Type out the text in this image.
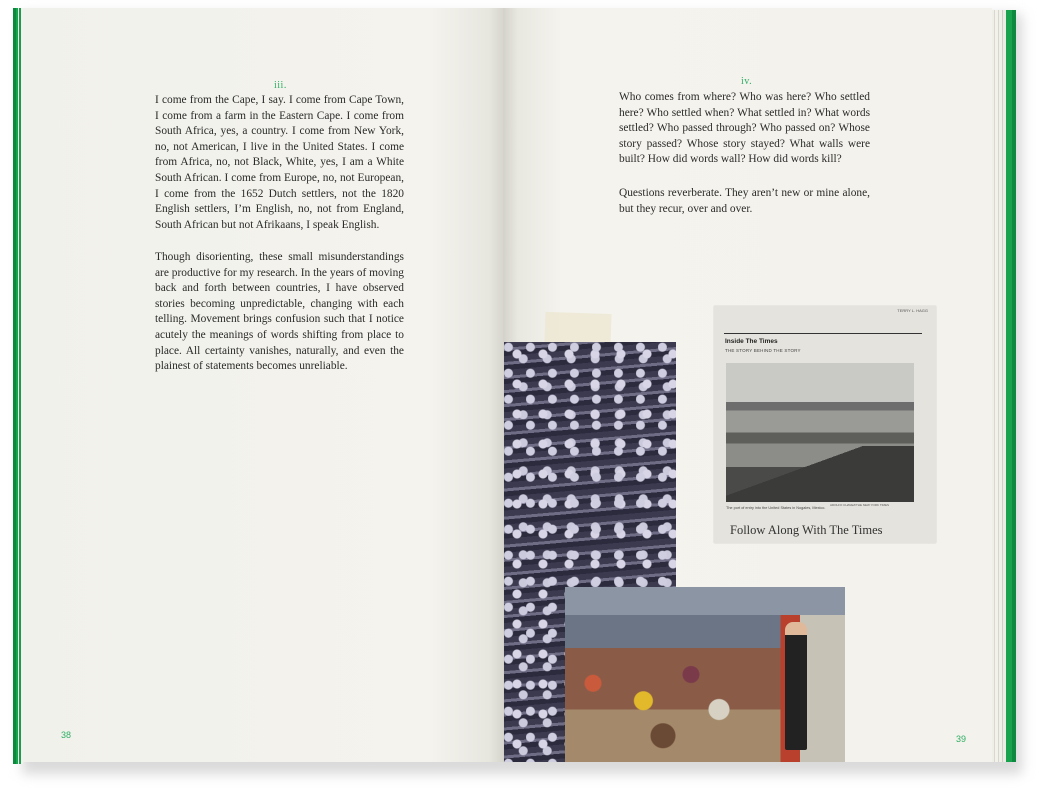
iii.

I come from the Cape, I say. I come from Cape Town, I come from a farm in the Eastern Cape. I come from South Africa, yes, a country. I come from New York, no, not American, I live in the United States. I come from Africa, no, not Black, White, yes, I am a White South African. I come from Europe, no, not European, I come from the 1652 Dutch settlers, not the 1820 English settlers, I’m English, no, not from England, South African but not Afrikaans, I speak English.

Though disorienting, these small misunderstandings are productive for my research. In the years of moving back and forth between countries, I have observed stories becoming unpredictable, changing with each telling. Movement brings confusion such that I notice acutely the meanings of words shifting from place to place. All certainty vanishes, naturally, and even the plainest of statements becomes unreliable.

38
iv.

Who comes from where? Who was here? Who settled here? Who settled when? What settled in? What words settled? Who passed through? Who passed on? Whose story passed? Whose story stayed? What walls were built? How did words wall? How did words kill?

Questions reverberate. They aren’t new or mine alone, but they recur, over and over.

39
TERRY L. HAGG
Inside The Times
THE STORY BEHIND THE STORY
ADOLFO CHAVEZ/THE NEW YORK TIMES
The port of entry into the United States in Nogales, Mexico.
Follow Along With The Times
